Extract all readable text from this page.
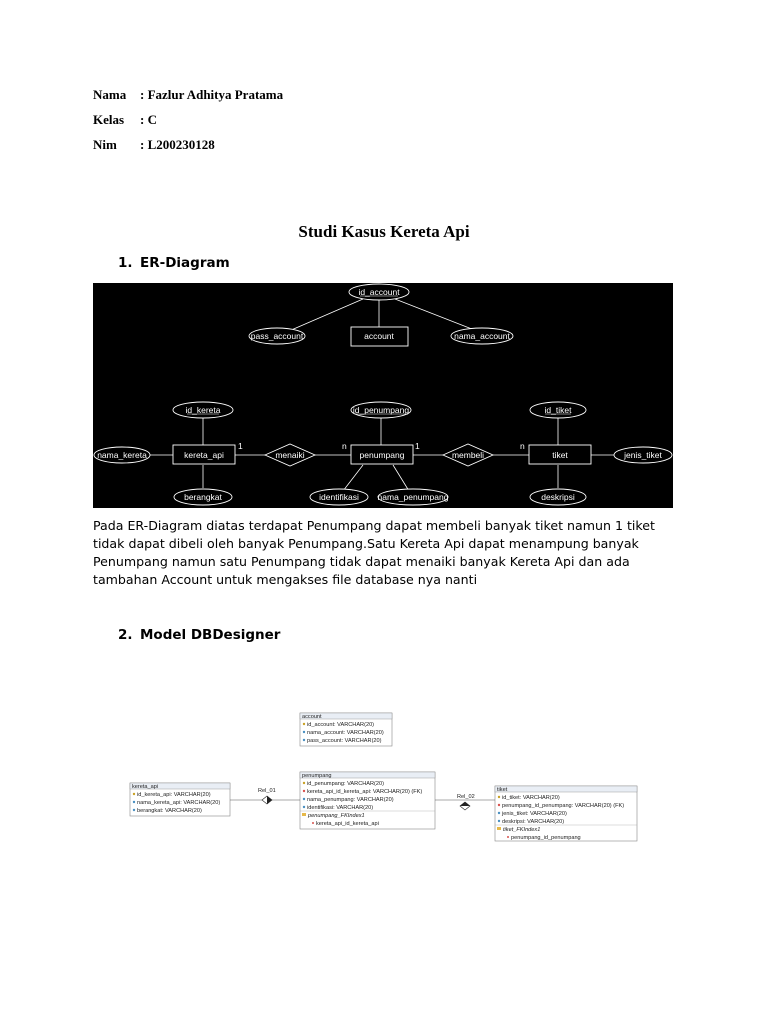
Nama : Fazlur Adhitya Pratama
Kelas : C
Nim : L200230128
Studi Kasus Kereta Api
1. ER-Diagram
id_account
pass_account	nama_account
account
id_kereta
nama_kereta
berangkat
kereta_api
id_penumpang
identifikasi nama_penumpang
penumpang
id_tiket
jenis_tiket
deskripsi
tiket
menaiki	membeli
1	n	1	n
Pada ER-Diagram diatas terdapat Penumpang dapat membeli banyak tiket namun 1 tiket tidak dapat dibeli oleh banyak Penumpang.Satu Kereta Api dapat menampung banyak Penumpang namun satu Penumpang tidak dapat menaiki banyak Kereta Api dan ada tambahan Account untuk mengakses file database nya nanti
2. Model DBDesigner
account
id_account: VARCHAR(20)
nama_account: VARCHAR(20)
pass_account: VARCHAR(20)
kereta_api
id_kereta_api: VARCHAR(20)
nama_kereta_api: VARCHAR(20)
berangkat: VARCHAR(20)
penumpang
id_penumpang: VARCHAR(20)
kereta_api_id_kereta_api: VARCHAR(20) (FK)
nama_penumpang: VARCHAR(20)
identifikasi: VARCHAR(20)
penumpang_FKIndex1
kereta_api_id_kereta_api
tiket
id_tiket: VARCHAR(20)
penumpang_id_penumpang: VARCHAR(20) (FK)
jenis_tiket: VARCHAR(20)
deskripsi: VARCHAR(20)
tiket_FKIndex1
penumpang_id_penumpang
Rel_01
Rel_02
